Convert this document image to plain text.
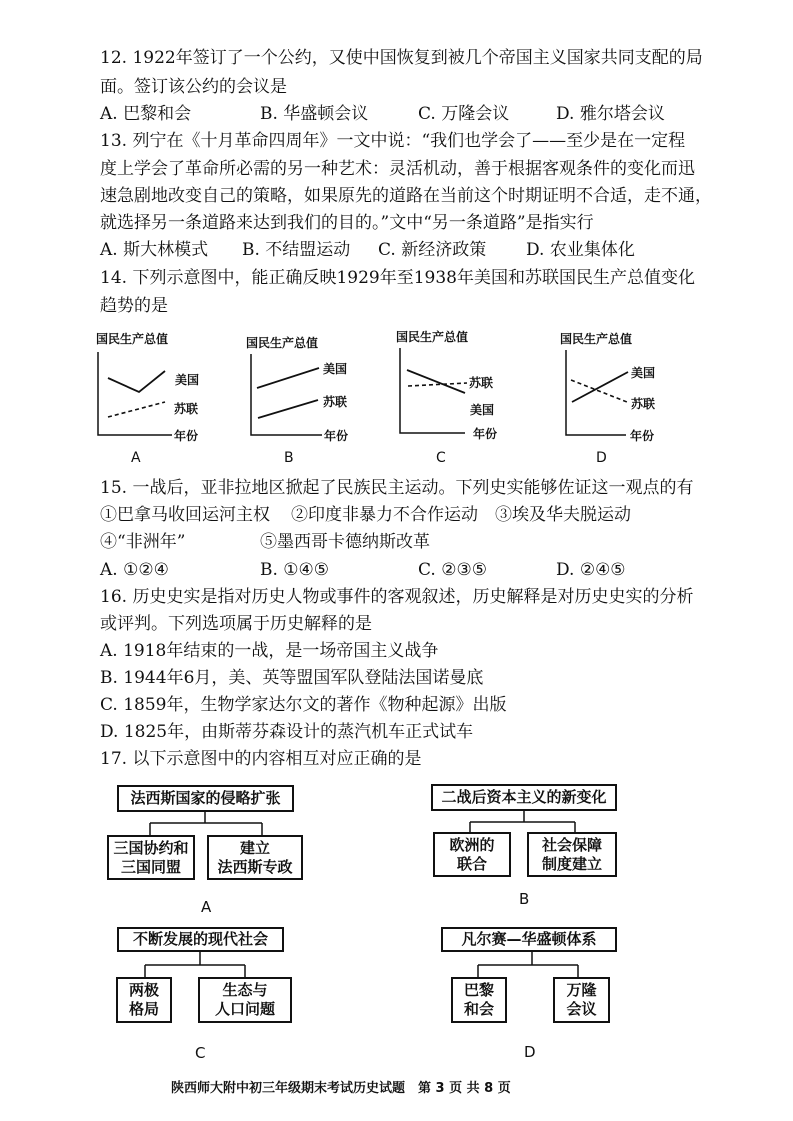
12. 1922年签订了一个公约，又使中国恢复到被几个帝国主义国家共同支配的局
面。签订该公约的会议是
A. 巴黎和会	B. 华盛顿会议	C. 万隆会议	D. 雅尔塔会议
13. 列宁在《十月革命四周年》一文中说：“我们也学会了——至少是在一定程
度上学会了革命所必需的另一种艺术：灵活机动，善于根据客观条件的变化而迅
速急剧地改变自己的策略，如果原先的道路在当前这个时期证明不合适，走不通，
就选择另一条道路来达到我们的目的。”文中“另一条道路”是指实行
A. 斯大林模式 B. 不结盟运动 C. 新经济政策 D. 农业集体化
14. 下列示意图中，能正确反映1929年至1938年美国和苏联国民生产总值变化
趋势的是
国民生产总值
美国
苏联
年份
A
国民生产总值
美国
苏联
年份
B
国民生产总值
苏联
美国
年份
C
国民生产总值
美国
苏联
年份
D
15. 一战后，亚非拉地区掀起了民族民主运动。下列史实能够佐证这一观点的有
①巴拿马收回运河主权 ②印度非暴力不合作运动 ③埃及华夫脱运动
④“非洲年”	⑤墨西哥卡德纳斯改革
A. ①②④	B. ①④⑤	C. ②③⑤	D. ②④⑤
16. 历史史实是指对历史人物或事件的客观叙述，历史解释是对历史史实的分析
或评判。下列选项属于历史解释的是
A. 1918年结束的一战，是一场帝国主义战争
B. 1944年6月，美、英等盟国军队登陆法国诺曼底
C. 1859年，生物学家达尔文的著作《物种起源》出版
D. 1825年，由斯蒂芬森设计的蒸汽机车正式试车
17. 以下示意图中的内容相互对应正确的是
法西斯国家的侵略扩张
三国协约和
三国同盟
建立
法西斯专政
A
二战后资本主义的新变化
欧洲的
联合
社会保障
制度建立
B
不断发展的现代社会
两极
格局
生态与
人口问题
C
凡尔赛—华盛顿体系
巴黎
和会
万隆
会议
D
陕西师大附中初三年级期末考试历史试题 第 3 页 共 8 页
